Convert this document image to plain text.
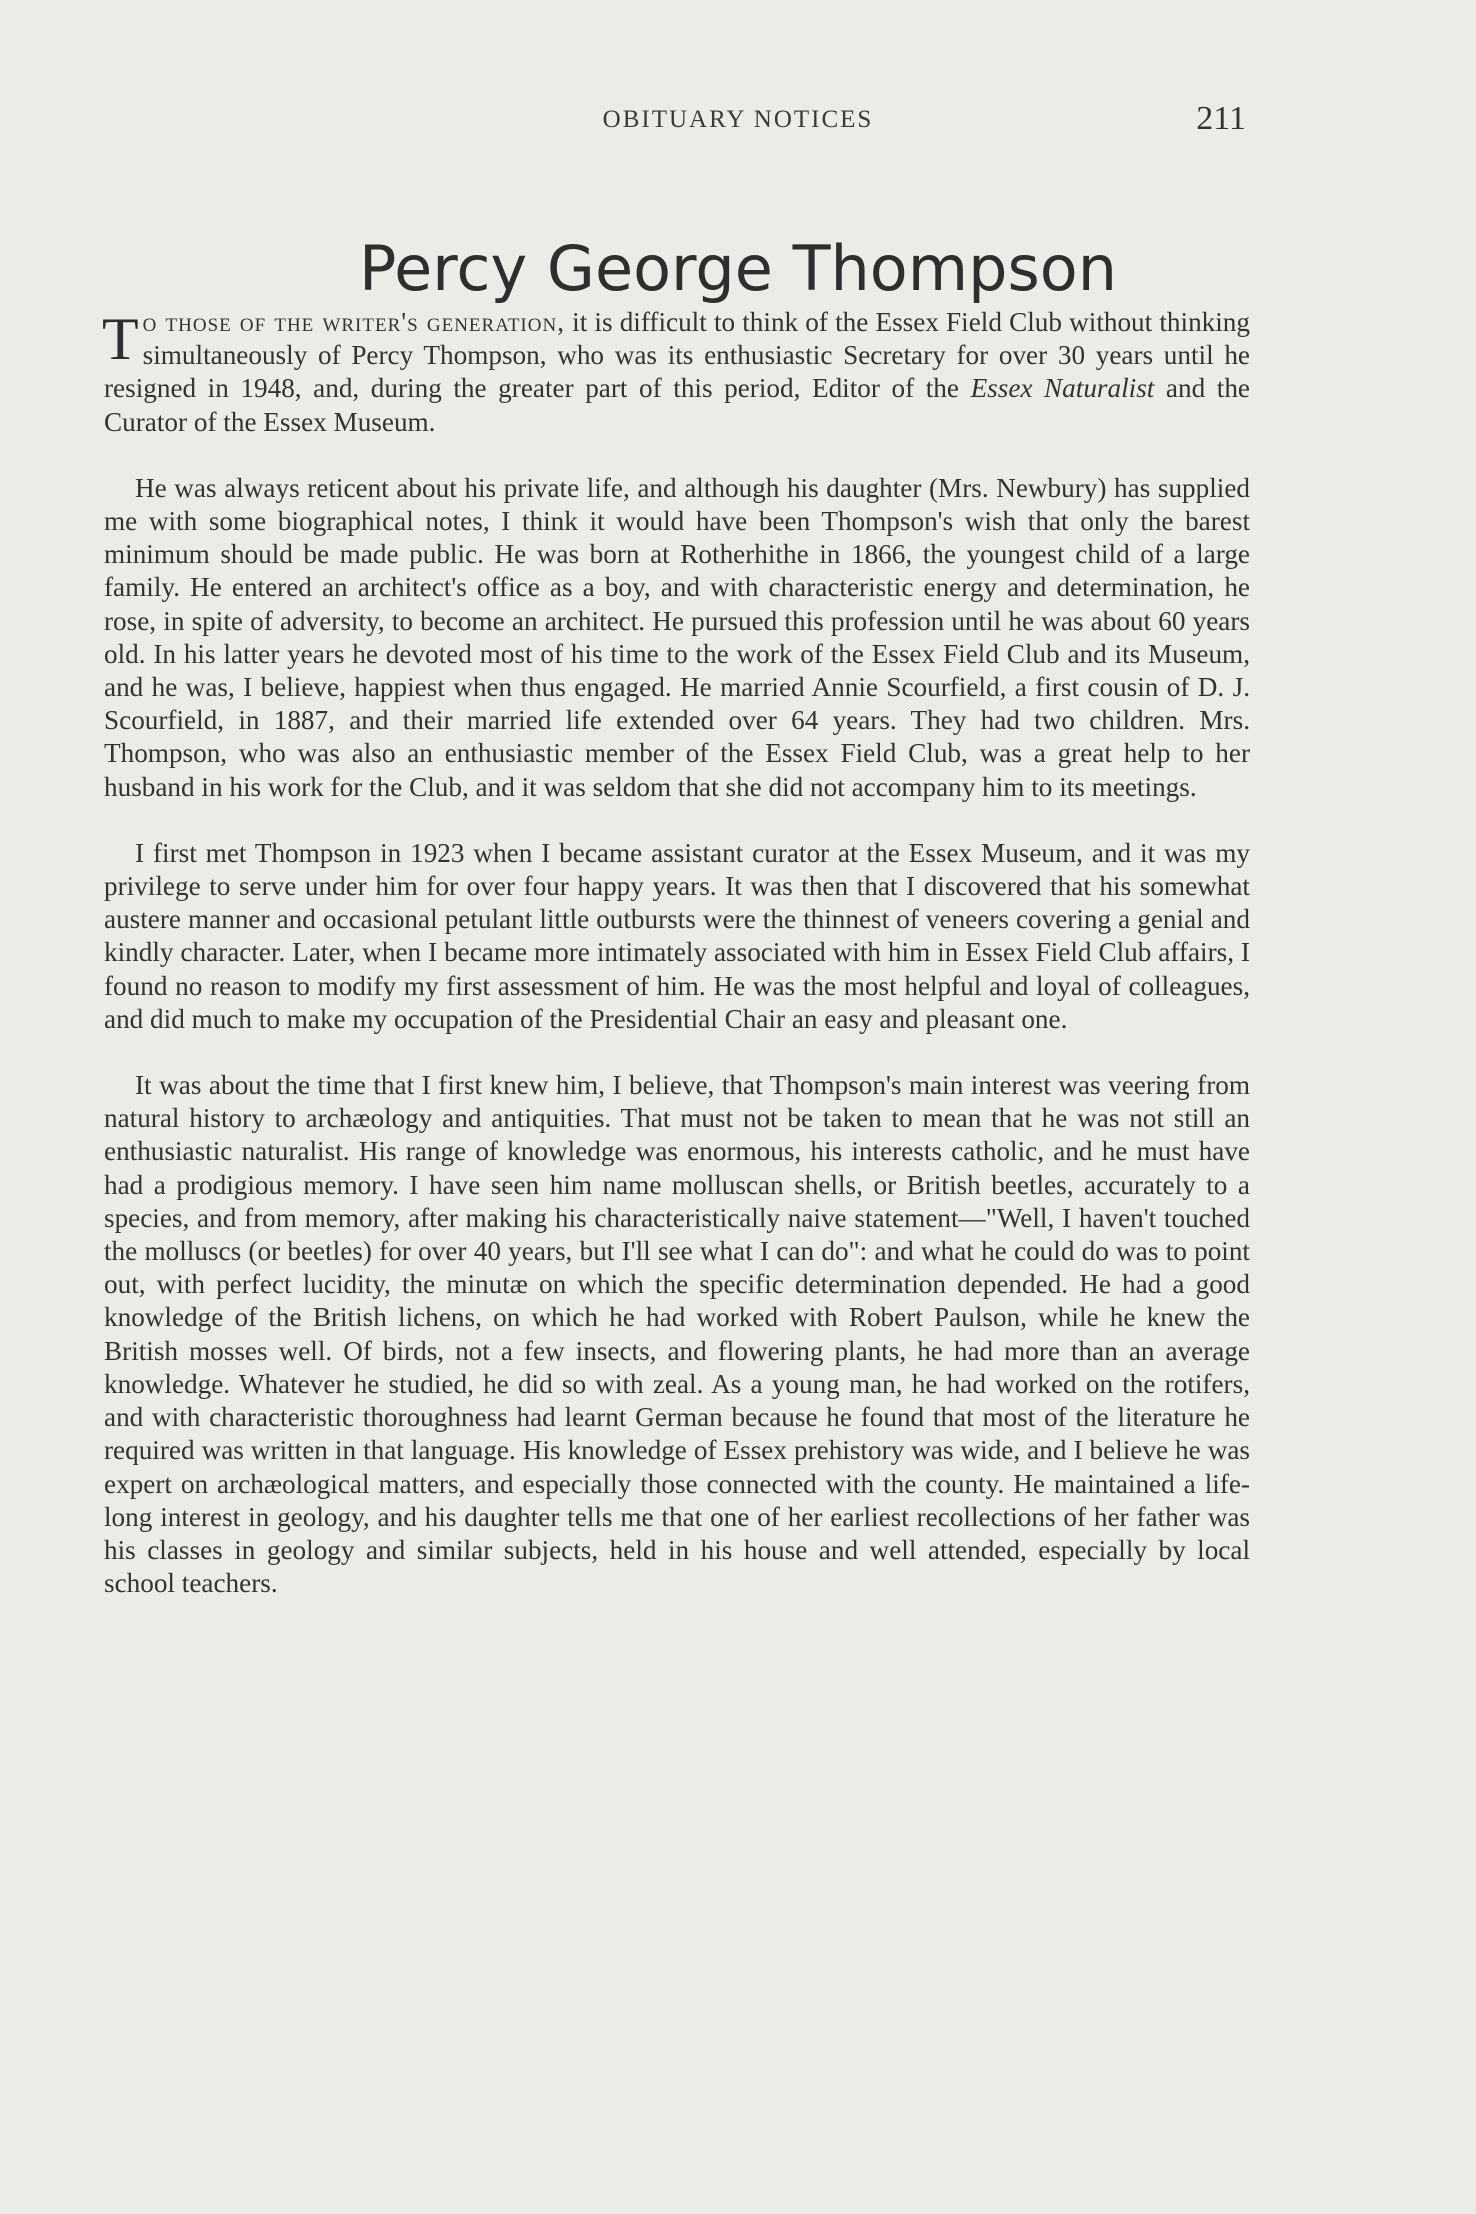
OBITUARY NOTICES	211
Percy George Thompson

To those of the writer's generation, it is difficult to think of the Essex Field Club without thinking simultaneously of Percy Thompson, who was its enthusiastic Secretary for over 30 years until he resigned in 1948, and, during the greater part of this period, Editor of the Essex Naturalist and the Curator of the Essex Museum.

He was always reticent about his private life, and although his daughter (Mrs. Newbury) has supplied me with some biographical notes, I think it would have been Thompson's wish that only the barest minimum should be made public. He was born at Rotherhithe in 1866, the youngest child of a large family. He entered an architect's office as a boy, and with characteristic energy and determination, he rose, in spite of adversity, to become an architect. He pursued this profession until he was about 60 years old. In his latter years he devoted most of his time to the work of the Essex Field Club and its Museum, and he was, I believe, happiest when thus engaged. He married Annie Scourfield, a first cousin of D. J. Scourfield, in 1887, and their married life extended over 64 years. They had two children. Mrs. Thompson, who was also an enthusiastic member of the Essex Field Club, was a great help to her husband in his work for the Club, and it was seldom that she did not accompany him to its meetings.

I first met Thompson in 1923 when I became assistant curator at the Essex Museum, and it was my privilege to serve under him for over four happy years. It was then that I discovered that his somewhat austere manner and occasional petulant little outbursts were the thinnest of veneers covering a genial and kindly character. Later, when I became more intimately associated with him in Essex Field Club affairs, I found no reason to modify my first assessment of him. He was the most helpful and loyal of colleagues, and did much to make my occupation of the Presidential Chair an easy and pleasant one.

It was about the time that I first knew him, I believe, that Thompson's main interest was veering from natural history to archæology and antiquities. That must not be taken to mean that he was not still an enthusiastic naturalist. His range of knowledge was enormous, his interests catholic, and he must have had a prodigious memory. I have seen him name molluscan shells, or British beetles, accurately to a species, and from memory, after making his characteristically naive statement—"Well, I haven't touched the molluscs (or beetles) for over 40 years, but I'll see what I can do": and what he could do was to point out, with perfect lucidity, the minutæ on which the specific determination depended. He had a good knowledge of the British lichens, on which he had worked with Robert Paulson, while he knew the British mosses well. Of birds, not a few insects, and flowering plants, he had more than an average knowledge. Whatever he studied, he did so with zeal. As a young man, he had worked on the rotifers, and with characteristic thoroughness had learnt German because he found that most of the literature he required was written in that language. His knowledge of Essex prehistory was wide, and I believe he was expert on archæological matters, and especially those connected with the county. He maintained a life-long interest in geology, and his daughter tells me that one of her earliest recollections of her father was his classes in geology and similar subjects, held in his house and well attended, especially by local school teachers.
